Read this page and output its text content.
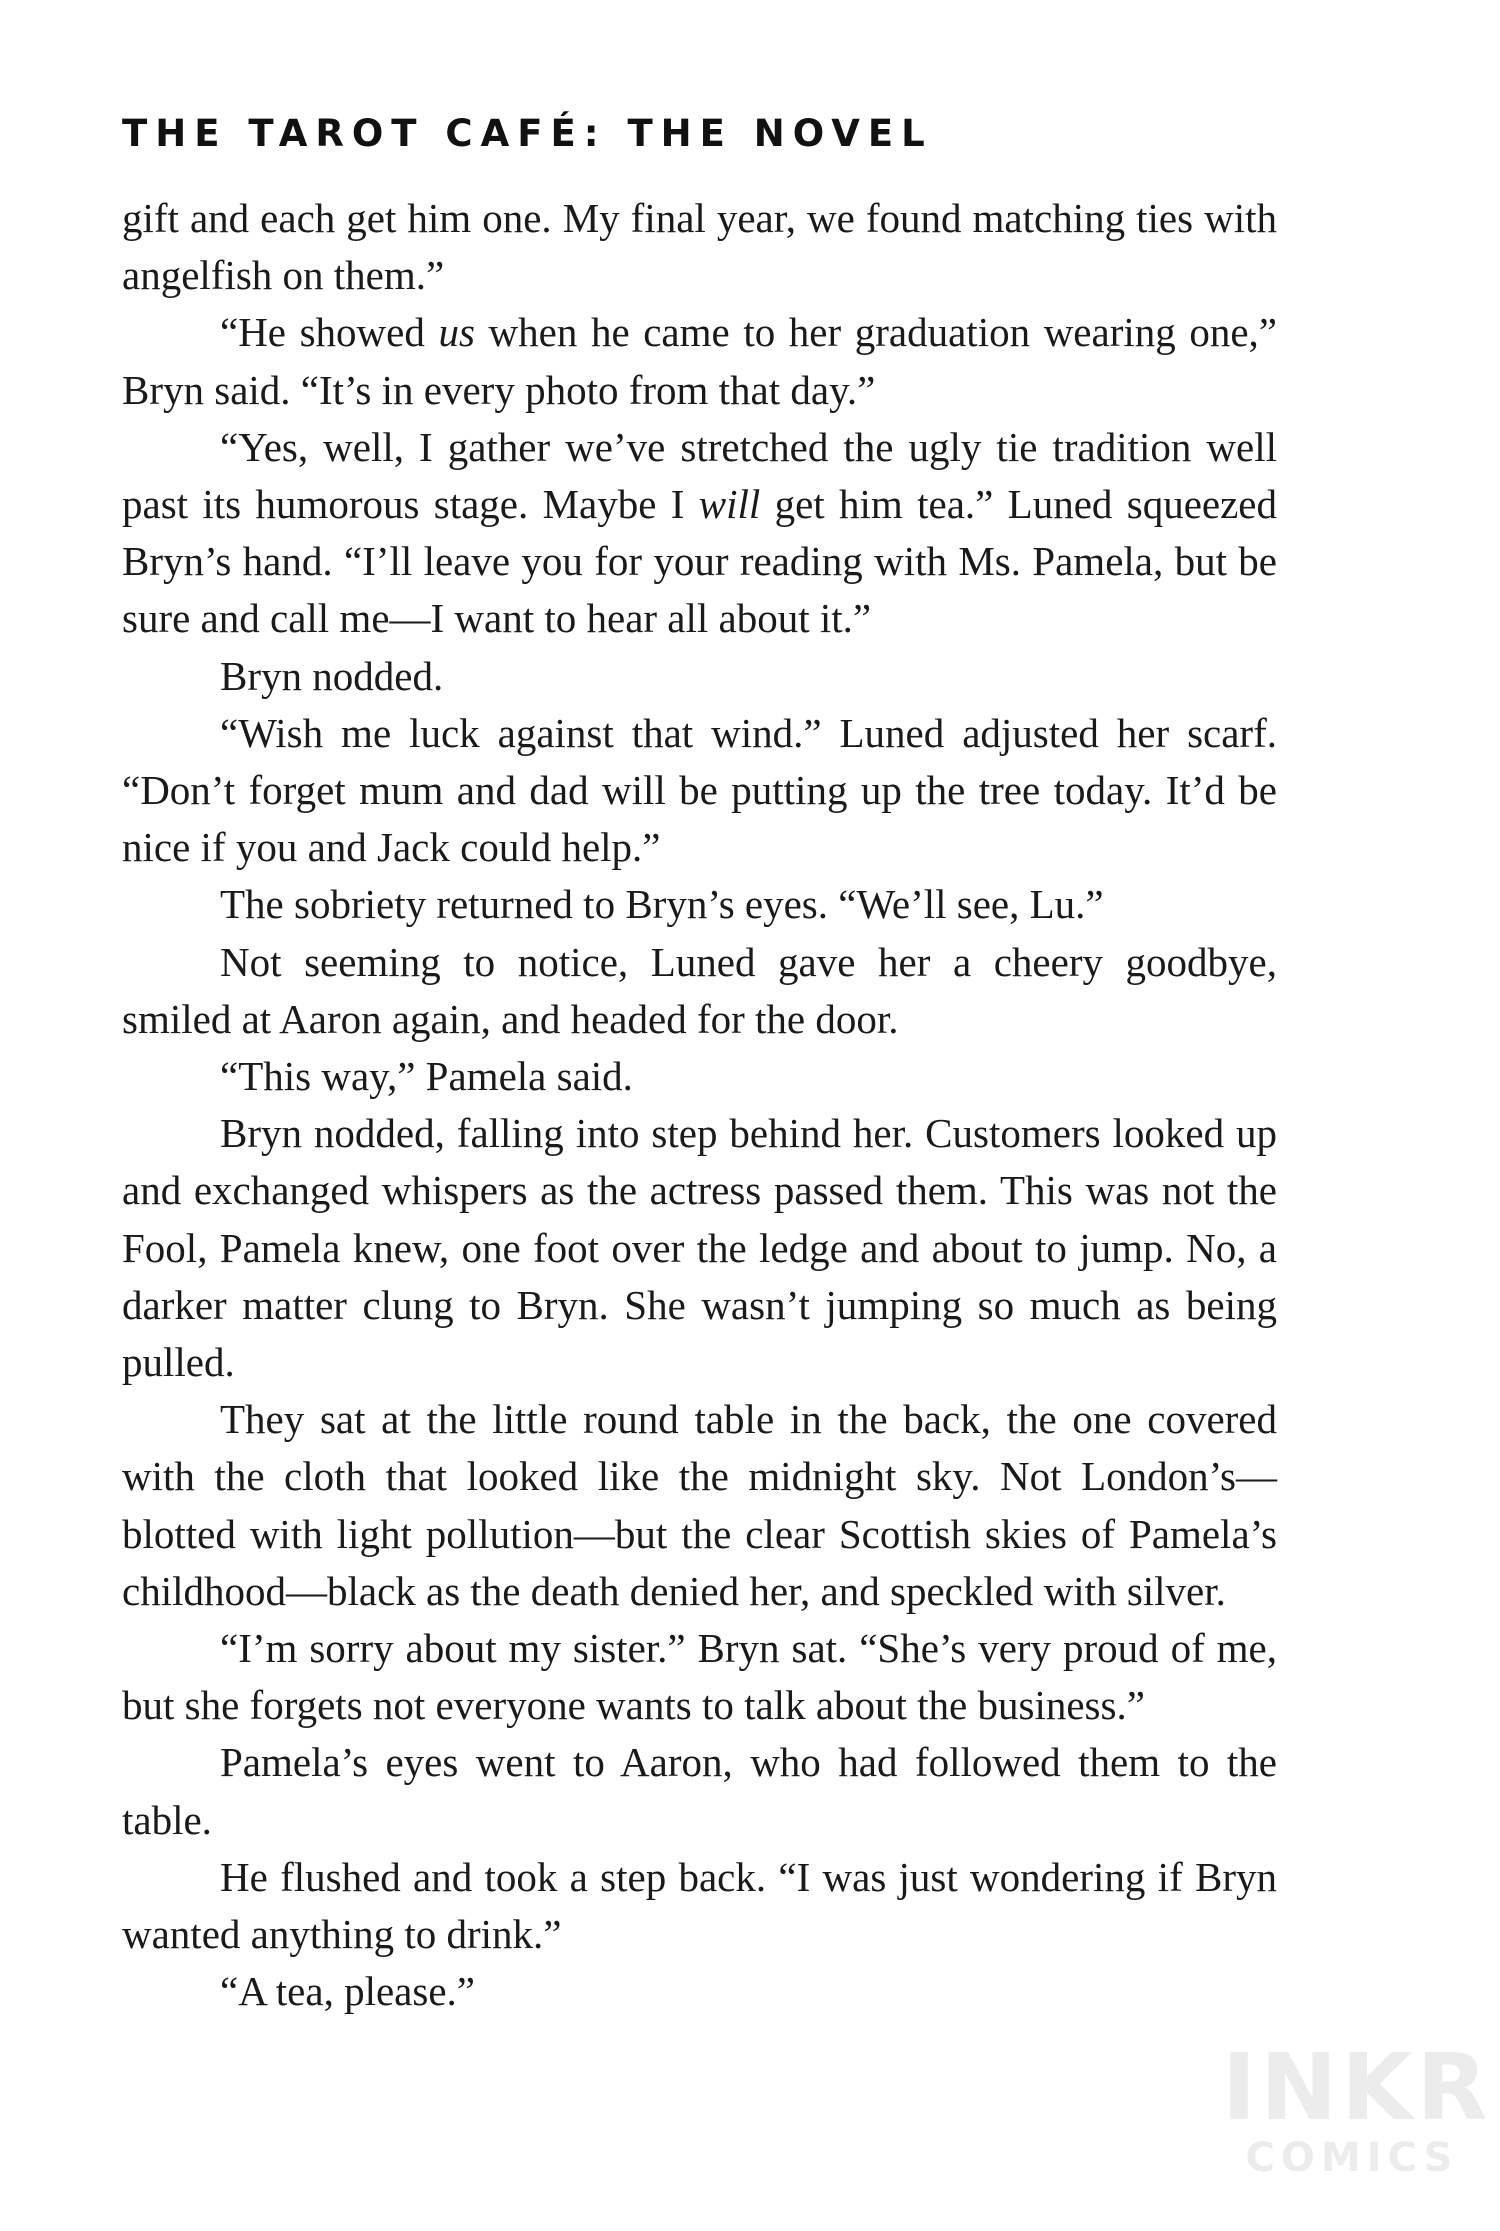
THE TAROT CAFÉ: THE NOVEL

gift and each get him one. My final year, we found matching ties with angelfish on them.”

“He showed us when he came to her graduation wearing one,” Bryn said. “It’s in every photo from that day.”

“Yes, well, I gather we’ve stretched the ugly tie tradition well past its humorous stage. Maybe I will get him tea.” Luned squeezed Bryn’s hand. “I’ll leave you for your reading with Ms. Pamela, but be sure and call me—I want to hear all about it.”

Bryn nodded.

“Wish me luck against that wind.” Luned adjusted her scarf. “Don’t forget mum and dad will be putting up the tree today. It’d be nice if you and Jack could help.”

The sobriety returned to Bryn’s eyes. “We’ll see, Lu.”

Not seeming to notice, Luned gave her a cheery goodbye, smiled at Aaron again, and headed for the door.

“This way,” Pamela said.

Bryn nodded, falling into step behind her. Customers looked up and exchanged whispers as the actress passed them. This was not the Fool, Pamela knew, one foot over the ledge and about to jump. No, a darker matter clung to Bryn. She wasn’t jumping so much as being pulled.

They sat at the little round table in the back, the one covered with the cloth that looked like the midnight sky. Not London’s—blotted with light pollution—but the clear Scottish skies of Pamela’s childhood—black as the death denied her, and speckled with silver.

“I’m sorry about my sister.” Bryn sat. “She’s very proud of me, but she forgets not everyone wants to talk about the business.”

Pamela’s eyes went to Aaron, who had followed them to the table.

He flushed and took a step back. “I was just wondering if Bryn wanted anything to drink.”

“A tea, please.”

INKR
COMICS
